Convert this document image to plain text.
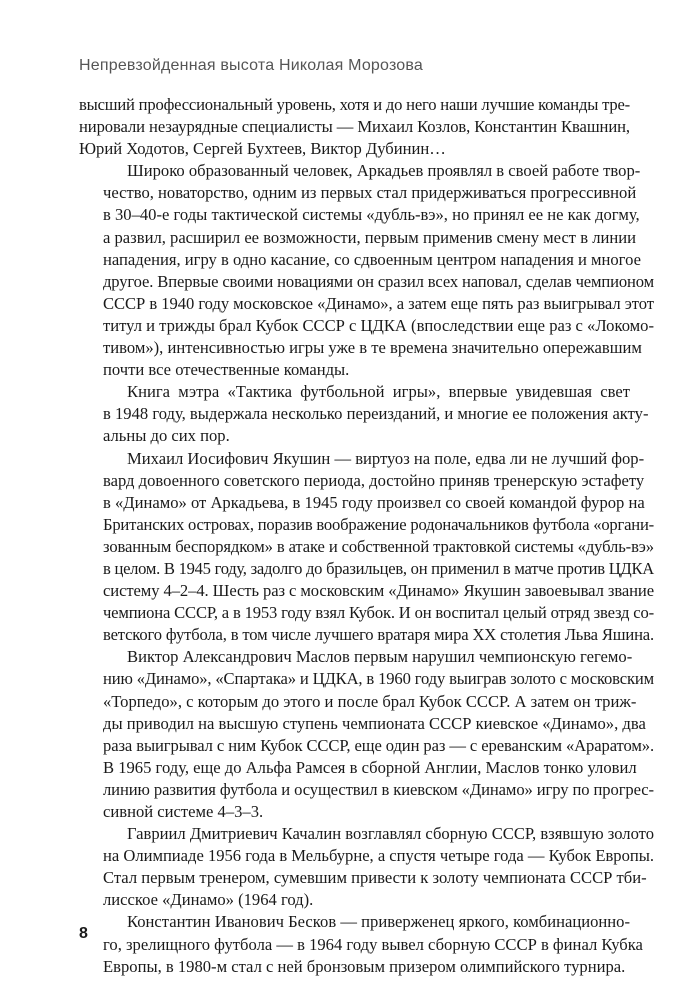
Непревзойденная высота Николая Морозова
высший профессиональный уровень, хотя и до него наши лучшие команды тре-
нировали незаурядные специалисты — Михаил Козлов, Константин Квашнин,
Юрий Ходотов, Сергей Бухтеев, Виктор Дубинин…
Широко образованный человек, Аркадьев проявлял в своей работе твор-
чество, новаторство, одним из первых стал придерживаться прогрессивной
в 30–40-е годы тактической системы «дубль-вэ», но принял ее не как догму,
а развил, расширил ее возможности, первым применив смену мест в линии
нападения, игру в одно касание, со сдвоенным центром нападения и многое
другое. Впервые своими новациями он сразил всех наповал, сделав чемпионом
СССР в 1940 году московское «Динамо», а затем еще пять раз выигрывал этот
титул и трижды брал Кубок СССР с ЦДКА (впоследствии еще раз с «Локомо-
тивом»), интенсивностью игры уже в те времена значительно опережавшим
почти все отечественные команды.
Книга мэтра «Тактика футбольной игры», впервые увидевшая свет
в 1948 году, выдержала несколько переизданий, и многие ее положения акту-
альны до сих пор.
Михаил Иосифович Якушин — виртуоз на поле, едва ли не лучший фор-
вард довоенного советского периода, достойно приняв тренерскую эстафету
в «Динамо» от Аркадьева, в 1945 году произвел со своей командой фурор на
Британских островах, поразив воображение родоначальников футбола «органи-
зованным беспорядком» в атаке и собственной трактовкой системы «дубль-вэ»
в целом. В 1945 году, задолго до бразильцев, он применил в матче против ЦДКА
систему 4–2–4. Шесть раз с московским «Динамо» Якушин завоевывал звание
чемпиона СССР, а в 1953 году взял Кубок. И он воспитал целый отряд звезд со-
ветского футбола, в том числе лучшего вратаря мира XX столетия Льва Яшина.
Виктор Александрович Маслов первым нарушил чемпионскую гегемо-
нию «Динамо», «Спартака» и ЦДКА, в 1960 году выиграв золото с московским
«Торпедо», с которым до этого и после брал Кубок СССР. А затем он триж-
ды приводил на высшую ступень чемпионата СССР киевское «Динамо», два
раза выигрывал с ним Кубок СССР, еще один раз — с ереванским «Араратом».
В 1965 году, еще до Альфа Рамсея в сборной Англии, Маслов тонко уловил
линию развития футбола и осуществил в киевском «Динамо» игру по прогрес-
сивной системе 4–3–3.
Гавриил Дмитриевич Качалин возглавлял сборную СССР, взявшую золото
на Олимпиаде 1956 года в Мельбурне, а спустя четыре года — Кубок Европы.
Стал первым тренером, сумевшим привести к золоту чемпионата СССР тби-
лисское «Динамо» (1964 год).
Константин Иванович Бесков — приверженец яркого, комбинационно-
го, зрелищного футбола — в 1964 году вывел сборную СССР в финал Кубка
Европы, в 1980-м стал с ней бронзовым призером олимпийского турнира.
8
